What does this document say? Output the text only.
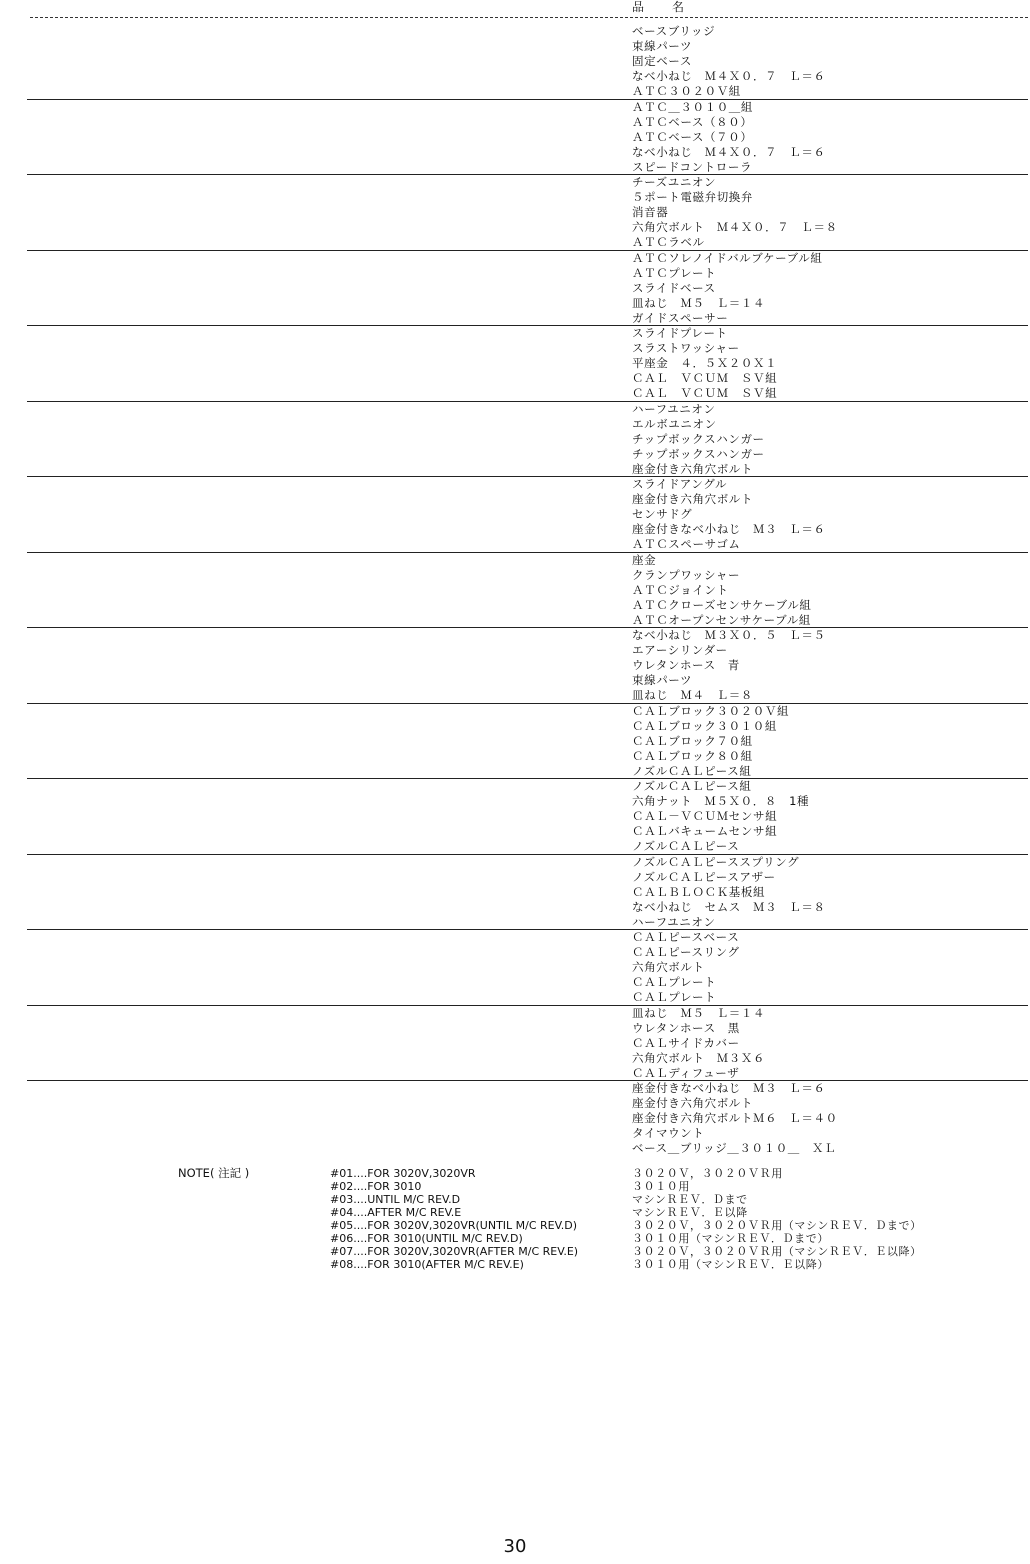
品　名
ベースブリッジ
束線パーツ
固定ベース
なべ小ねじ　Ｍ４Ｘ０．７　Ｌ＝６
ＡＴＣ３０２０Ｖ組
ＡＴＣ＿３０１０＿組
ＡＴＣベース（８０）
ＡＴＣベース（７０）
なべ小ねじ　Ｍ４Ｘ０．７　Ｌ＝６
スピードコントローラ
チーズユニオン
５ポート電磁弁切換弁
消音器
六角穴ボルト　Ｍ４Ｘ０．７　Ｌ＝８
ＡＴＣラベル
ＡＴＣソレノイドバルブケーブル組
ＡＴＣプレート
スライドベース
皿ねじ　Ｍ５　Ｌ＝１４
ガイドスペーサー
スライドプレート
スラストワッシャー
平座金　４．５Ｘ２０Ｘ１
ＣＡＬ　ＶＣＵＭ　ＳＶ組
ＣＡＬ　ＶＣＵＭ　ＳＶ組
ハーフユニオン
エルボユニオン
チップボックスハンガー
チップボックスハンガー
座金付き六角穴ボルト
スライドアングル
座金付き六角穴ボルト
センサドグ
座金付きなべ小ねじ　Ｍ３　Ｌ＝６
ＡＴＣスペーサゴム
座金
クランプワッシャー
ＡＴＣジョイント
ＡＴＣクローズセンサケーブル組
ＡＴＣオープンセンサケーブル組
なべ小ねじ　Ｍ３Ｘ０．５　Ｌ＝５
エアーシリンダー
ウレタンホース　青
束線パーツ
皿ねじ　Ｍ４　Ｌ＝８
ＣＡＬブロック３０２０Ｖ組
ＣＡＬブロック３０１０組
ＣＡＬブロック７０組
ＣＡＬブロック８０組
ノズルＣＡＬピース組
ノズルＣＡＬピース組
六角ナット　Ｍ５Ｘ０．８　1種
ＣＡＬ－ＶＣＵＭセンサ組
ＣＡＬバキュームセンサ組
ノズルＣＡＬピース
ノズルＣＡＬピーススプリング
ノズルＣＡＬピースアザー
ＣＡＬＢＬＯＣＫ基板組
なべ小ねじ　セムス　Ｍ３　Ｌ＝８
ハーフユニオン
ＣＡＬピースベース
ＣＡＬピースリング
六角穴ボルト
ＣＡＬプレート
ＣＡＬプレート
皿ねじ　Ｍ５　Ｌ＝１４
ウレタンホース　黒
ＣＡＬサイドカバー
六角穴ボルト　Ｍ３Ｘ６
ＣＡＬディフューザ
座金付きなべ小ねじ　Ｍ３　Ｌ＝６
座金付き六角穴ボルト
座金付き六角穴ボルトＭ６　Ｌ＝４０
タイマウント
ベース＿ブリッジ＿３０１０＿　ＸＬ
NOTE( 注記 )	#01....FOR 3020V,3020VR
#02....FOR 3010
#03....UNTIL M/C REV.D
#04....AFTER M/C REV.E
#05....FOR 3020V,3020VR(UNTIL M/C REV.D)
#06....FOR 3010(UNTIL M/C REV.D)
#07....FOR 3020V,3020VR(AFTER M/C REV.E)
#08....FOR 3010(AFTER M/C REV.E)
３０２０Ｖ，３０２０ＶＲ用
３０１０用
マシンＲＥＶ．Ｄまで
マシンＲＥＶ．Ｅ以降
３０２０Ｖ，３０２０ＶＲ用（マシンＲＥＶ．Ｄまで）
３０１０用（マシンＲＥＶ．Ｄまで）
３０２０Ｖ，３０２０ＶＲ用（マシンＲＥＶ．Ｅ以降）
３０１０用（マシンＲＥＶ．Ｅ以降）
30
